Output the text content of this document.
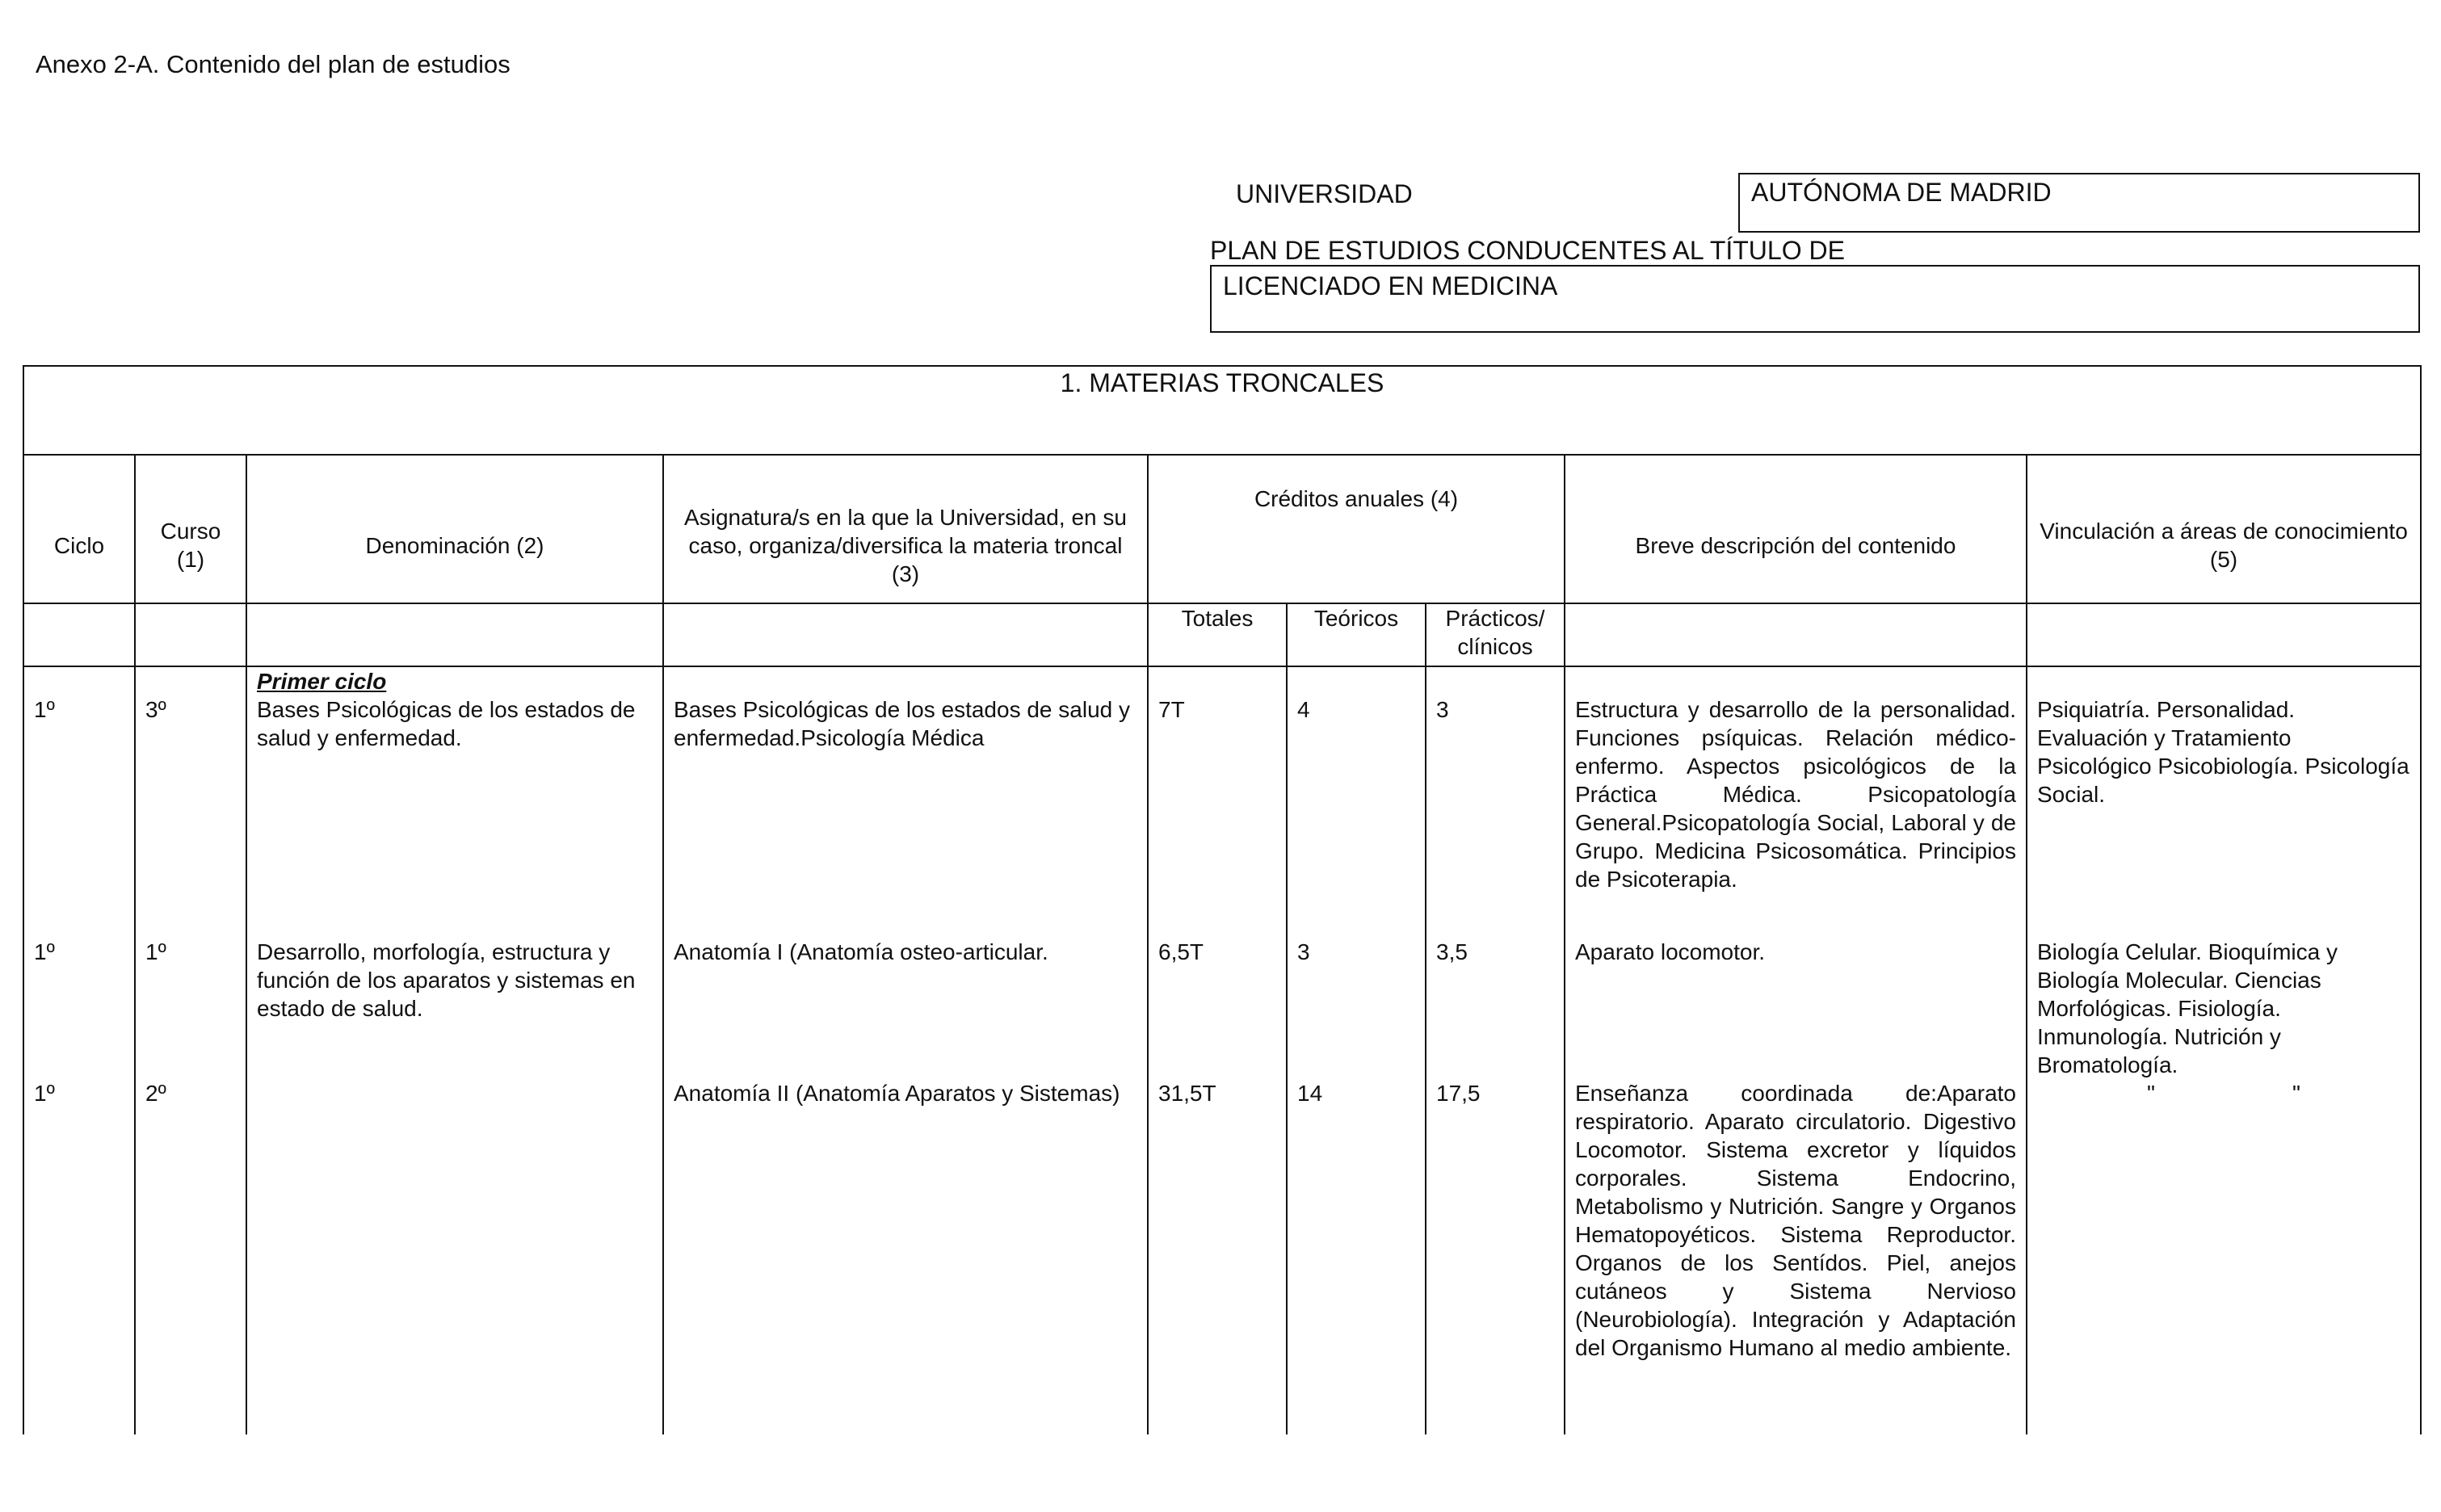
Anexo 2-A. Contenido del plan de estudios
UNIVERSIDAD	AUTÓNOMA DE MADRID
PLAN DE ESTUDIOS CONDUCENTES AL TÍTULO DE
LICENCIADO EN MEDICINA
1. MATERIAS TRONCALES								
Ciclo	Curso (1)	Denominación (2)	Asignatura/s en la que la Universidad, en su caso, organiza/diversifica la materia troncal (3)	Créditos anuales (4)			Breve descripción del contenido	Vinculación a áreas de conocimiento (5)
				Totales	Teóricos	Prácticos/ clínicos		
		Primer ciclo						
1º	3º	Bases Psicológicas de los estados de salud y enfermedad.	Bases Psicológicas de los estados de salud y enfermedad.Psicología Médica	7T	4	3	Estructura y desarrollo de la personalidad. Funciones psíquicas. Relación médico-enfermo. Aspectos psicológicos de la Práctica Médica. Psicopatología General.Psicopatología Social, Laboral y de Grupo. Medicina Psicosomática. Principios de Psicoterapia.	Psiquiatría. Personalidad. Evaluación y Tratamiento Psicológico Psicobiología. Psicología Social.
1º	1º	Desarrollo, morfología, estructura y función de los aparatos y sistemas en estado de salud.	Anatomía I (Anatomía osteo-articular.	6,5T	3	3,5	Aparato locomotor.	Biología Celular. Bioquímica y Biología Molecular. Ciencias Morfológicas. Fisiología. Inmunología. Nutrición y Bromatología.
1º	2º		Anatomía II (Anatomía Aparatos y Sistemas)	31,5T	14	17,5	Enseñanza coordinada de:Aparato respiratorio. Aparato circulatorio. Digestivo Locomotor. Sistema excretor y líquidos corporales. Sistema Endocrino, Metabolismo y Nutrición. Sangre y Organos Hematopoyéticos. Sistema Reproductor. Organos de los Sentídos. Piel, anejos cutáneos y Sistema Nervioso (Neurobiología). Integración y Adaptación del Organismo Humano al medio ambiente.	" "
